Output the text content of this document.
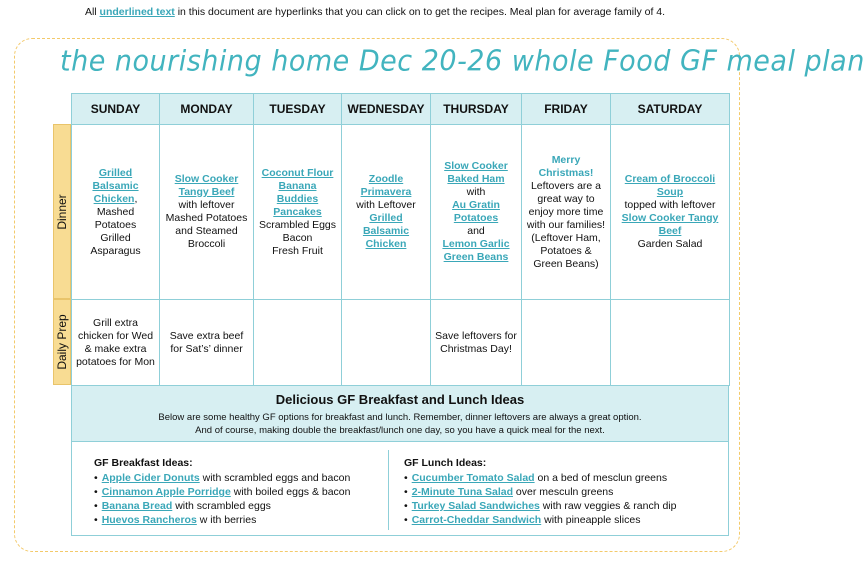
All underlined text in this document are hyperlinks that you can click on to get the recipes. Meal plan for average family of 4.
the nourishing home Dec 20-26 whole Food GF meal plan
Dinner
Daily Prep
SUNDAY	MONDAY	TUESDAY	WEDNESDAY	THURSDAY	FRIDAY	SATURDAY
Grilled Balsamic Chicken,
Mashed Potatoes
Grilled Asparagus	Slow Cooker Tangy Beef
with leftover Mashed Potatoes and Steamed Broccoli	Coconut Flour Banana Buddies Pancakes
Scrambled Eggs
Bacon
Fresh Fruit	Zoodle Primavera
with Leftover
Grilled Balsamic Chicken	Slow Cooker Baked Ham
with
Au Gratin Potatoes
and
Lemon Garlic Green Beans	Merry Christmas!
Leftovers are a great way to enjoy more time with our families!
(Leftover Ham, Potatoes & Green Beans)	Cream of Broccoli Soup
topped with leftover
Slow Cooker Tangy Beef
Garden Salad
Grill extra chicken for Wed & make extra potatoes for Mon	Save extra beef for Sat’s’ dinner			Save leftovers for Christmas Day!		
Delicious GF Breakfast and Lunch Ideas

Below are some healthy GF options for breakfast and lunch. Remember, dinner leftovers are always a great option.

And of course, making double the breakfast/lunch one day, so you have a quick meal for the next.

GF Breakfast Ideas:
• Apple Cider Donuts with scrambled eggs and bacon
• Cinnamon Apple Porridge with boiled eggs & bacon
• Banana Bread with scrambled eggs
• Huevos Rancheros w ith berries
GF Lunch Ideas:
• Cucumber Tomato Salad on a bed of mesclun greens
• 2-Minute Tuna Salad over mesculn greens
• Turkey Salad Sandwiches with raw veggies & ranch dip
• Carrot-Cheddar Sandwich with pineapple slices
